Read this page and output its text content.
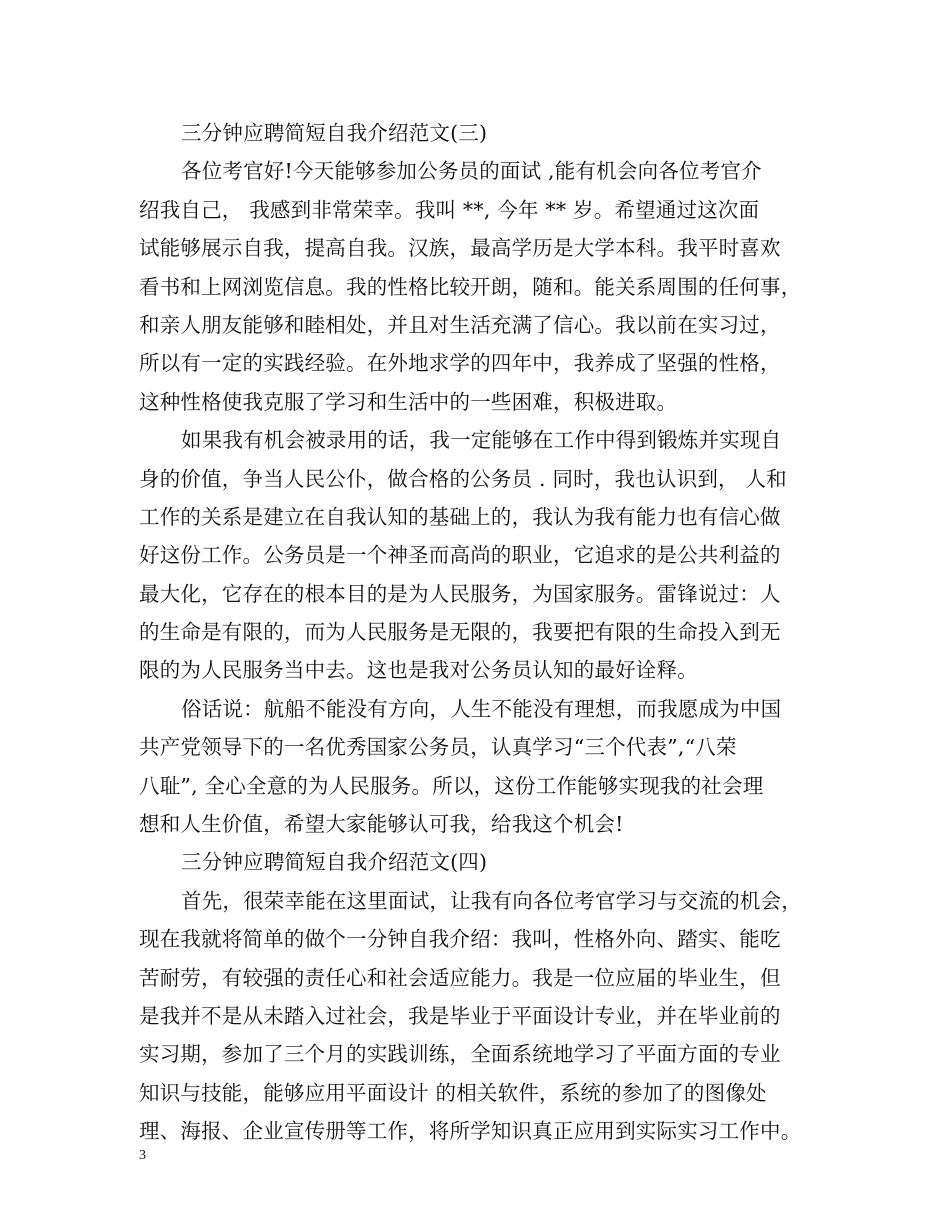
三分钟应聘简短自我介绍范文(三)
各位考官好!今天能够参加公务员的面试 ,能有机会向各位考官介
绍我自己， 我感到非常荣幸。我叫 **, 今年 ** 岁。希望通过这次面
试能够展示自我，提高自我。汉族，最高学历是大学本科。我平时喜欢
看书和上网浏览信息。我的性格比较开朗，随和。能关系周围的任何事，
和亲人朋友能够和睦相处，并且对生活充满了信心。我以前在实习过，
所以有一定的实践经验。在外地求学的四年中，我养成了坚强的性格，
这种性格使我克服了学习和生活中的一些困难，积极进取。
如果我有机会被录用的话，我一定能够在工作中得到锻炼并实现自
身的价值，争当人民公仆，做合格的公务员 . 同时，我也认识到， 人和
工作的关系是建立在自我认知的基础上的，我认为我有能力也有信心做
好这份工作。公务员是一个神圣而高尚的职业，它追求的是公共利益的
最大化，它存在的根本目的是为人民服务，为国家服务。雷锋说过：人
的生命是有限的，而为人民服务是无限的，我要把有限的生命投入到无
限的为人民服务当中去。这也是我对公务员认知的最好诠释。
俗话说：航船不能没有方向，人生不能没有理想，而我愿成为中国
共产党领导下的一名优秀国家公务员，认真学习“三个代表”,“八荣
八耻”, 全心全意的为人民服务。所以，这份工作能够实现我的社会理
想和人生价值，希望大家能够认可我，给我这个机会!
三分钟应聘简短自我介绍范文(四)
首先，很荣幸能在这里面试，让我有向各位考官学习与交流的机会，
现在我就将简单的做个一分钟自我介绍：我叫，性格外向、踏实、能吃
苦耐劳，有较强的责任心和社会适应能力。我是一位应届的毕业生，但
是我并不是从未踏入过社会，我是毕业于平面设计专业，并在毕业前的
实习期，参加了三个月的实践训练，全面系统地学习了平面方面的专业
知识与技能，能够应用平面设计 的相关软件，系统的参加了的图像处
理、海报、企业宣传册等工作，将所学知识真正应用到实际实习工作中。
3
